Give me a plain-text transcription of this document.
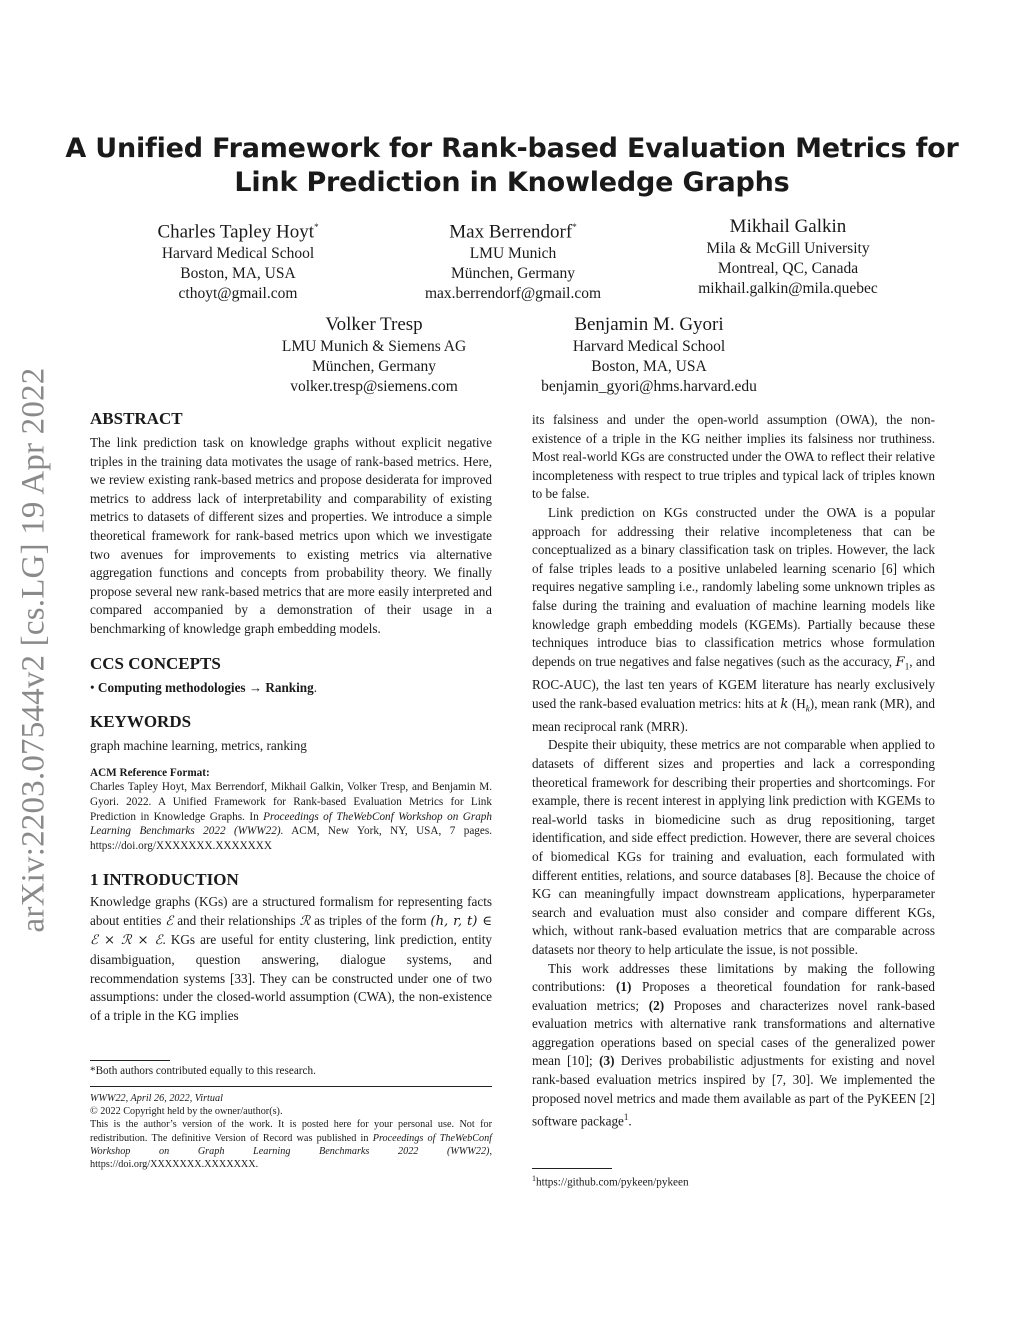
arXiv:2203.07544v2 [cs.LG] 19 Apr 2022
A Unified Framework for Rank-based Evaluation Metrics for
Link Prediction in Knowledge Graphs
Charles Tapley Hoyt*
Harvard Medical School
Boston, MA, USA
cthoyt@gmail.com
Max Berrendorf*
LMU Munich
München, Germany
max.berrendorf@gmail.com
Mikhail Galkin
Mila & McGill University
Montreal, QC, Canada
mikhail.galkin@mila.quebec
Volker Tresp
LMU Munich & Siemens AG
München, Germany
volker.tresp@siemens.com
Benjamin M. Gyori
Harvard Medical School
Boston, MA, USA
benjamin_gyori@hms.harvard.edu
ABSTRACT

The link prediction task on knowledge graphs without explicit negative triples in the training data motivates the usage of rank-based metrics. Here, we review existing rank-based metrics and propose desiderata for improved metrics to address lack of interpretability and comparability of existing metrics to datasets of different sizes and properties. We introduce a simple theoretical framework for rank-based metrics upon which we investigate two avenues for improvements to existing metrics via alternative aggregation functions and concepts from probability theory. We finally propose several new rank-based metrics that are more easily interpreted and compared accompanied by a demonstration of their usage in a benchmarking of knowledge graph embedding models.

CCS CONCEPTS

• Computing methodologies → Ranking.

KEYWORDS

graph machine learning, metrics, ranking

ACM Reference Format:
Charles Tapley Hoyt, Max Berrendorf, Mikhail Galkin, Volker Tresp, and Benjamin M. Gyori. 2022. A Unified Framework for Rank-based Evaluation Metrics for Link Prediction in Knowledge Graphs. In Proceedings of TheWebConf Workshop on Graph Learning Benchmarks 2022 (WWW22). ACM, New York, NY, USA, 7 pages. https://doi.org/XXXXXXX.XXXXXXX
1 INTRODUCTION

Knowledge graphs (KGs) are a structured formalism for representing facts about entities ℰ and their relationships ℛ as triples of the form (h, r, t) ∈ ℰ × ℛ × ℰ. KGs are useful for entity clustering, link prediction, entity disambiguation, question answering, dialogue systems, and recommendation systems [33]. They can be constructed under one of two assumptions: under the closed-world assumption (CWA), the non-existence of a triple in the KG implies

*Both authors contributed equally to this research.
WWW22, April 26, 2022, Virtual
© 2022 Copyright held by the owner/author(s).
This is the author’s version of the work. It is posted here for your personal use. Not for redistribution. The definitive Version of Record was published in Proceedings of TheWebConf Workshop on Graph Learning Benchmarks 2022 (WWW22), https://doi.org/XXXXXXX.XXXXXXX.

its falsiness and under the open-world assumption (OWA), the non-existence of a triple in the KG neither implies its falsiness nor truthiness. Most real-world KGs are constructed under the OWA to reflect their relative incompleteness with respect to true triples and typical lack of triples known to be false.

Link prediction on KGs constructed under the OWA is a popular approach for addressing their relative incompleteness that can be conceptualized as a binary classification task on triples. However, the lack of false triples leads to a positive unlabeled learning scenario [6] which requires negative sampling i.e., randomly labeling some unknown triples as false during the training and evaluation of machine learning models like knowledge graph embedding models (KGEMs). Partially because these techniques introduce bias to classification metrics whose formulation depends on true negatives and false negatives (such as the accuracy, $F_1$, and ROC-AUC), the last ten years of KGEM literature has nearly exclusively used the rank-based evaluation metrics: hits at k $(H_k)$, mean rank (MR), and mean reciprocal rank (MRR).

Despite their ubiquity, these metrics are not comparable when applied to datasets of different sizes and properties and lack a corresponding theoretical framework for describing their properties and shortcomings. For example, there is recent interest in applying link prediction with KGEMs to real-world tasks in biomedicine such as drug repositioning, target identification, and side effect prediction. However, there are several choices of biomedical KGs for training and evaluation, each formulated with different entities, relations, and source databases [8]. Because the choice of KG can meaningfully impact downstream applications, hyperparameter search and evaluation must also consider and compare different KGs, which, without rank-based evaluation metrics that are comparable across datasets nor theory to help articulate the issue, is not possible.

This work addresses these limitations by making the following contributions: (1) Proposes a theoretical foundation for rank-based evaluation metrics; (2) Proposes and characterizes novel rank-based evaluation metrics with alternative rank transformations and alternative aggregation operations based on special cases of the generalized power mean [10]; (3) Derives probabilistic adjustments for existing and novel rank-based evaluation metrics inspired by [7, 30]. We implemented the proposed novel metrics and made them available as part of the PyKEEN [2] software package$^1$.

$^1$https://github.com/pykeen/pykeen
